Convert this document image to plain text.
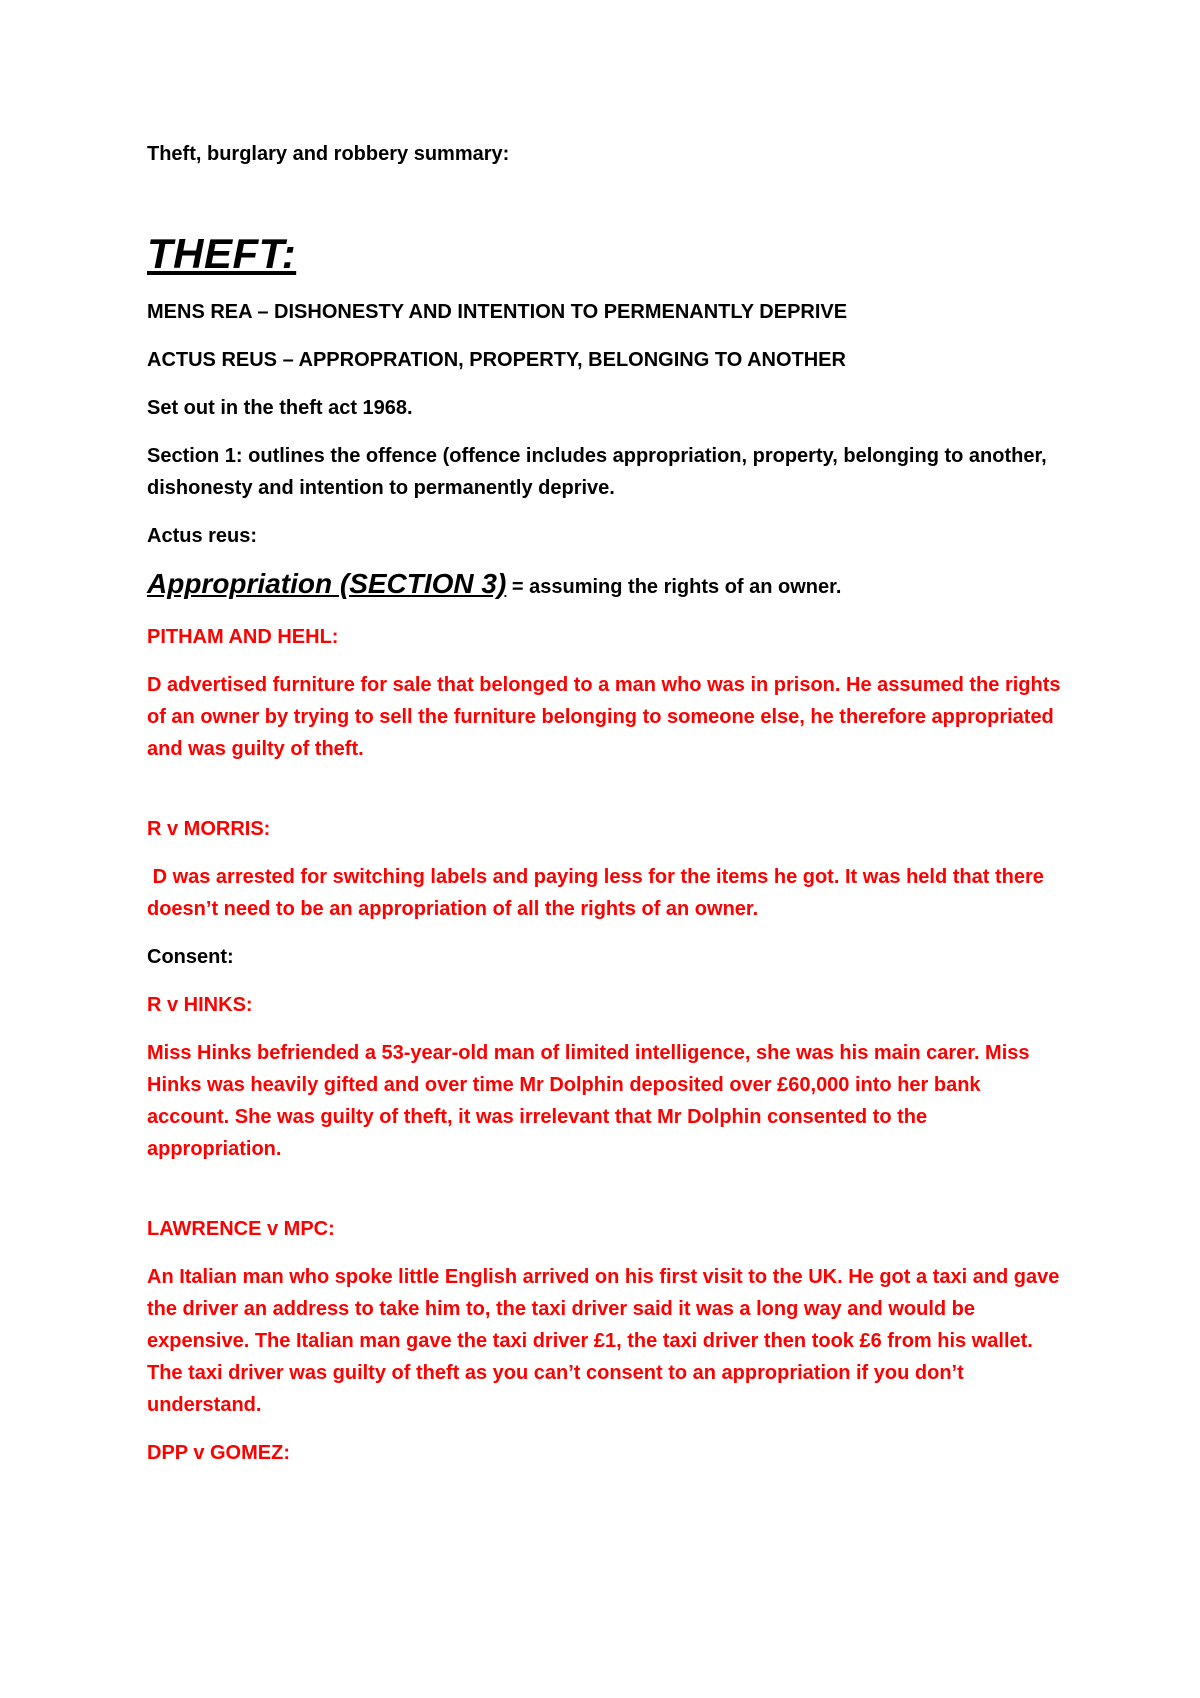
Theft, burglary and robbery summary:

THEFT:

MENS REA – DISHONESTY AND INTENTION TO PERMENANTLY DEPRIVE

ACTUS REUS – APPROPRATION, PROPERTY, BELONGING TO ANOTHER

Set out in the theft act 1968.

Section 1: outlines the offence (offence includes appropriation, property, belonging to another, dishonesty and intention to permanently deprive.

Actus reus:

Appropriation (SECTION 3) = assuming the rights of an owner.

PITHAM AND HEHL:

D advertised furniture for sale that belonged to a man who was in prison. He assumed the rights of an owner by trying to sell the furniture belonging to someone else, he therefore appropriated and was guilty of theft.

R v MORRIS:

D was arrested for switching labels and paying less for the items he got. It was held that there doesn’t need to be an appropriation of all the rights of an owner.

Consent:

R v HINKS:

Miss Hinks befriended a 53-year-old man of limited intelligence, she was his main carer. Miss Hinks was heavily gifted and over time Mr Dolphin deposited over £60,000 into her bank account. She was guilty of theft, it was irrelevant that Mr Dolphin consented to the appropriation.

LAWRENCE v MPC:

An Italian man who spoke little English arrived on his first visit to the UK. He got a taxi and gave the driver an address to take him to, the taxi driver said it was a long way and would be expensive. The Italian man gave the taxi driver £1, the taxi driver then took £6 from his wallet. The taxi driver was guilty of theft as you can’t consent to an appropriation if you don’t understand.

DPP v GOMEZ:
